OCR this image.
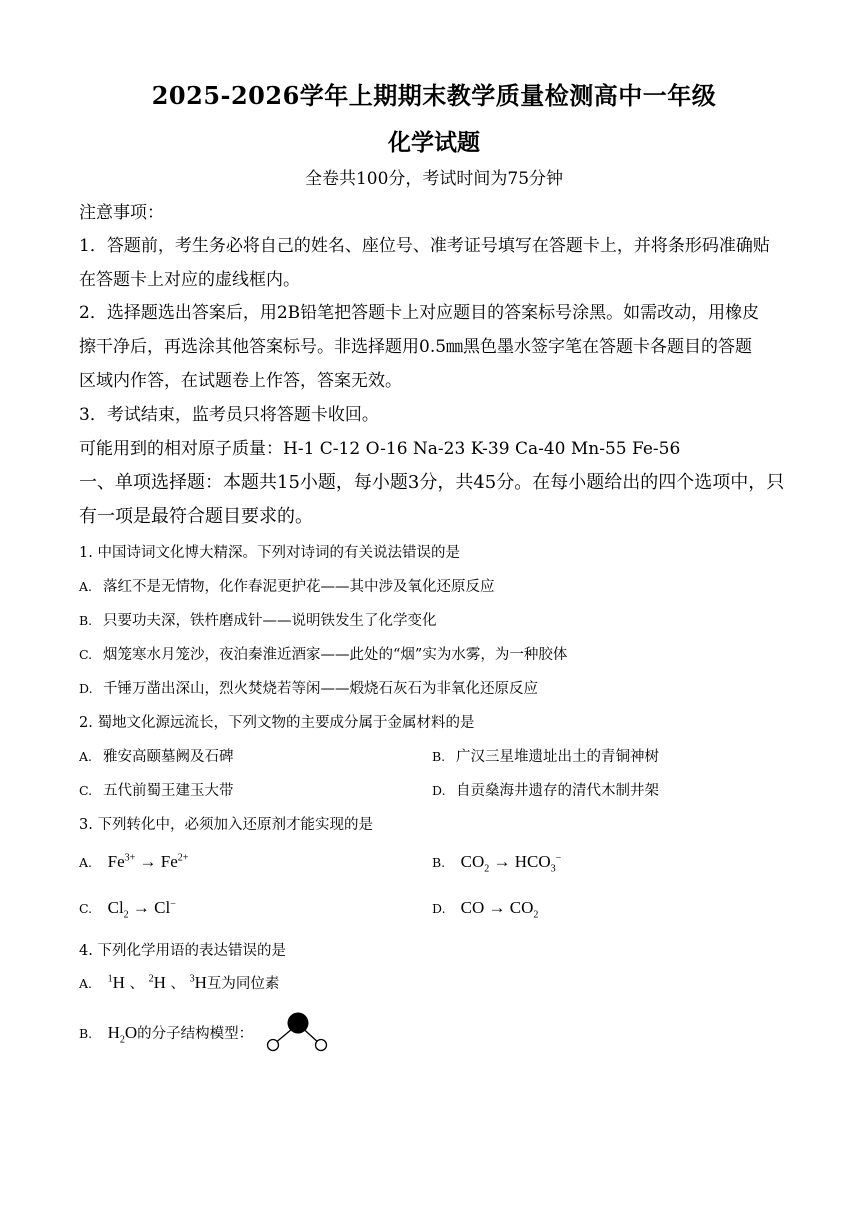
2025-2026学年上期期末教学质量检测高中一年级
化学试题
全卷共100分，考试时间为75分钟
注意事项：
1．答题前，考生务必将自己的姓名、座位号、准考证号填写在答题卡上，并将条形码准确贴
在答题卡上对应的虚线框内。
2．选择题选出答案后，用2B铅笔把答题卡上对应题目的答案标号涂黑。如需改动，用橡皮
擦干净后，再选涂其他答案标号。非选择题用0.5㎜黑色墨水签字笔在答题卡各题目的答题
区域内作答，在试题卷上作答，答案无效。
3．考试结束，监考员只将答题卡收回。
可能用到的相对原子质量：H-1 C-12 O-16 Na-23 K-39 Ca-40 Mn-55 Fe-56
一、单项选择题：本题共15小题，每小题3分，共45分。在每小题给出的四个选项中，只
有一项是最符合题目要求的。
1. 中国诗词文化博大精深。下列对诗词的有关说法错误的是
A. 落红不是无情物，化作春泥更护花——其中涉及氧化还原反应
B. 只要功夫深，铁杵磨成针——说明铁发生了化学变化
C. 烟笼寒水月笼沙，夜泊秦淮近酒家——此处的“烟”实为水雾，为一种胶体
D. 千锤万凿出深山，烈火焚烧若等闲——煅烧石灰石为非氧化还原反应
2. 蜀地文化源远流长，下列文物的主要成分属于金属材料的是
A. 雅安高颐墓阙及石碑	B. 广汉三星堆遗址出土的青铜神树
C. 五代前蜀王建玉大带	D. 自贡燊海井遗存的清代木制井架
3. 下列转化中，必须加入还原剂才能实现的是
A. $Fe^{3+} \to Fe^{2+}$	B. $CO_2 \to HCO_3^-$
C. $Cl_2 \to Cl^-$	D. CO → $CO_2$
4. 下列化学用语的表达错误的是
A. $^1$H 、 $^2$H 、 $^3$H互为同位素
B. $H_2O$的分子结构模型：
